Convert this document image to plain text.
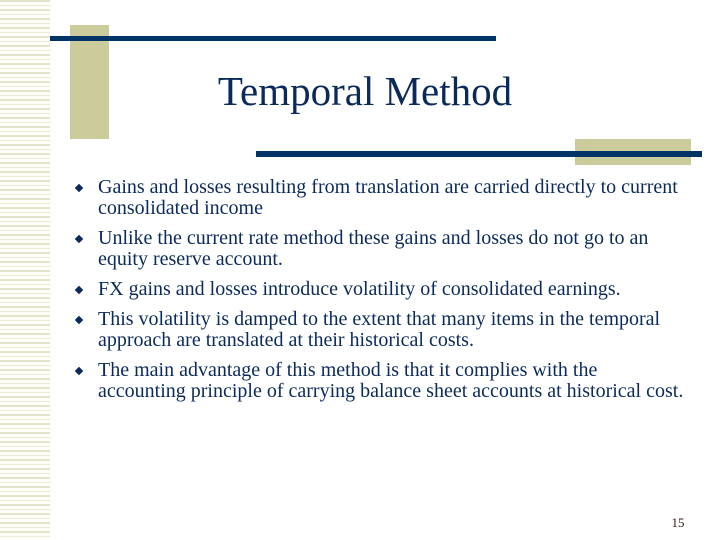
Temporal Method
Gains and losses resulting from translation are carried directly to current consolidated income
Unlike the current rate method these gains and losses do not go to an equity reserve account.
FX gains and losses introduce volatility of consolidated earnings.
This volatility is damped to the extent that many items in the temporal approach are translated at their historical costs.
The main advantage of this method is that it complies with the accounting principle of carrying balance sheet accounts at historical cost.
15
